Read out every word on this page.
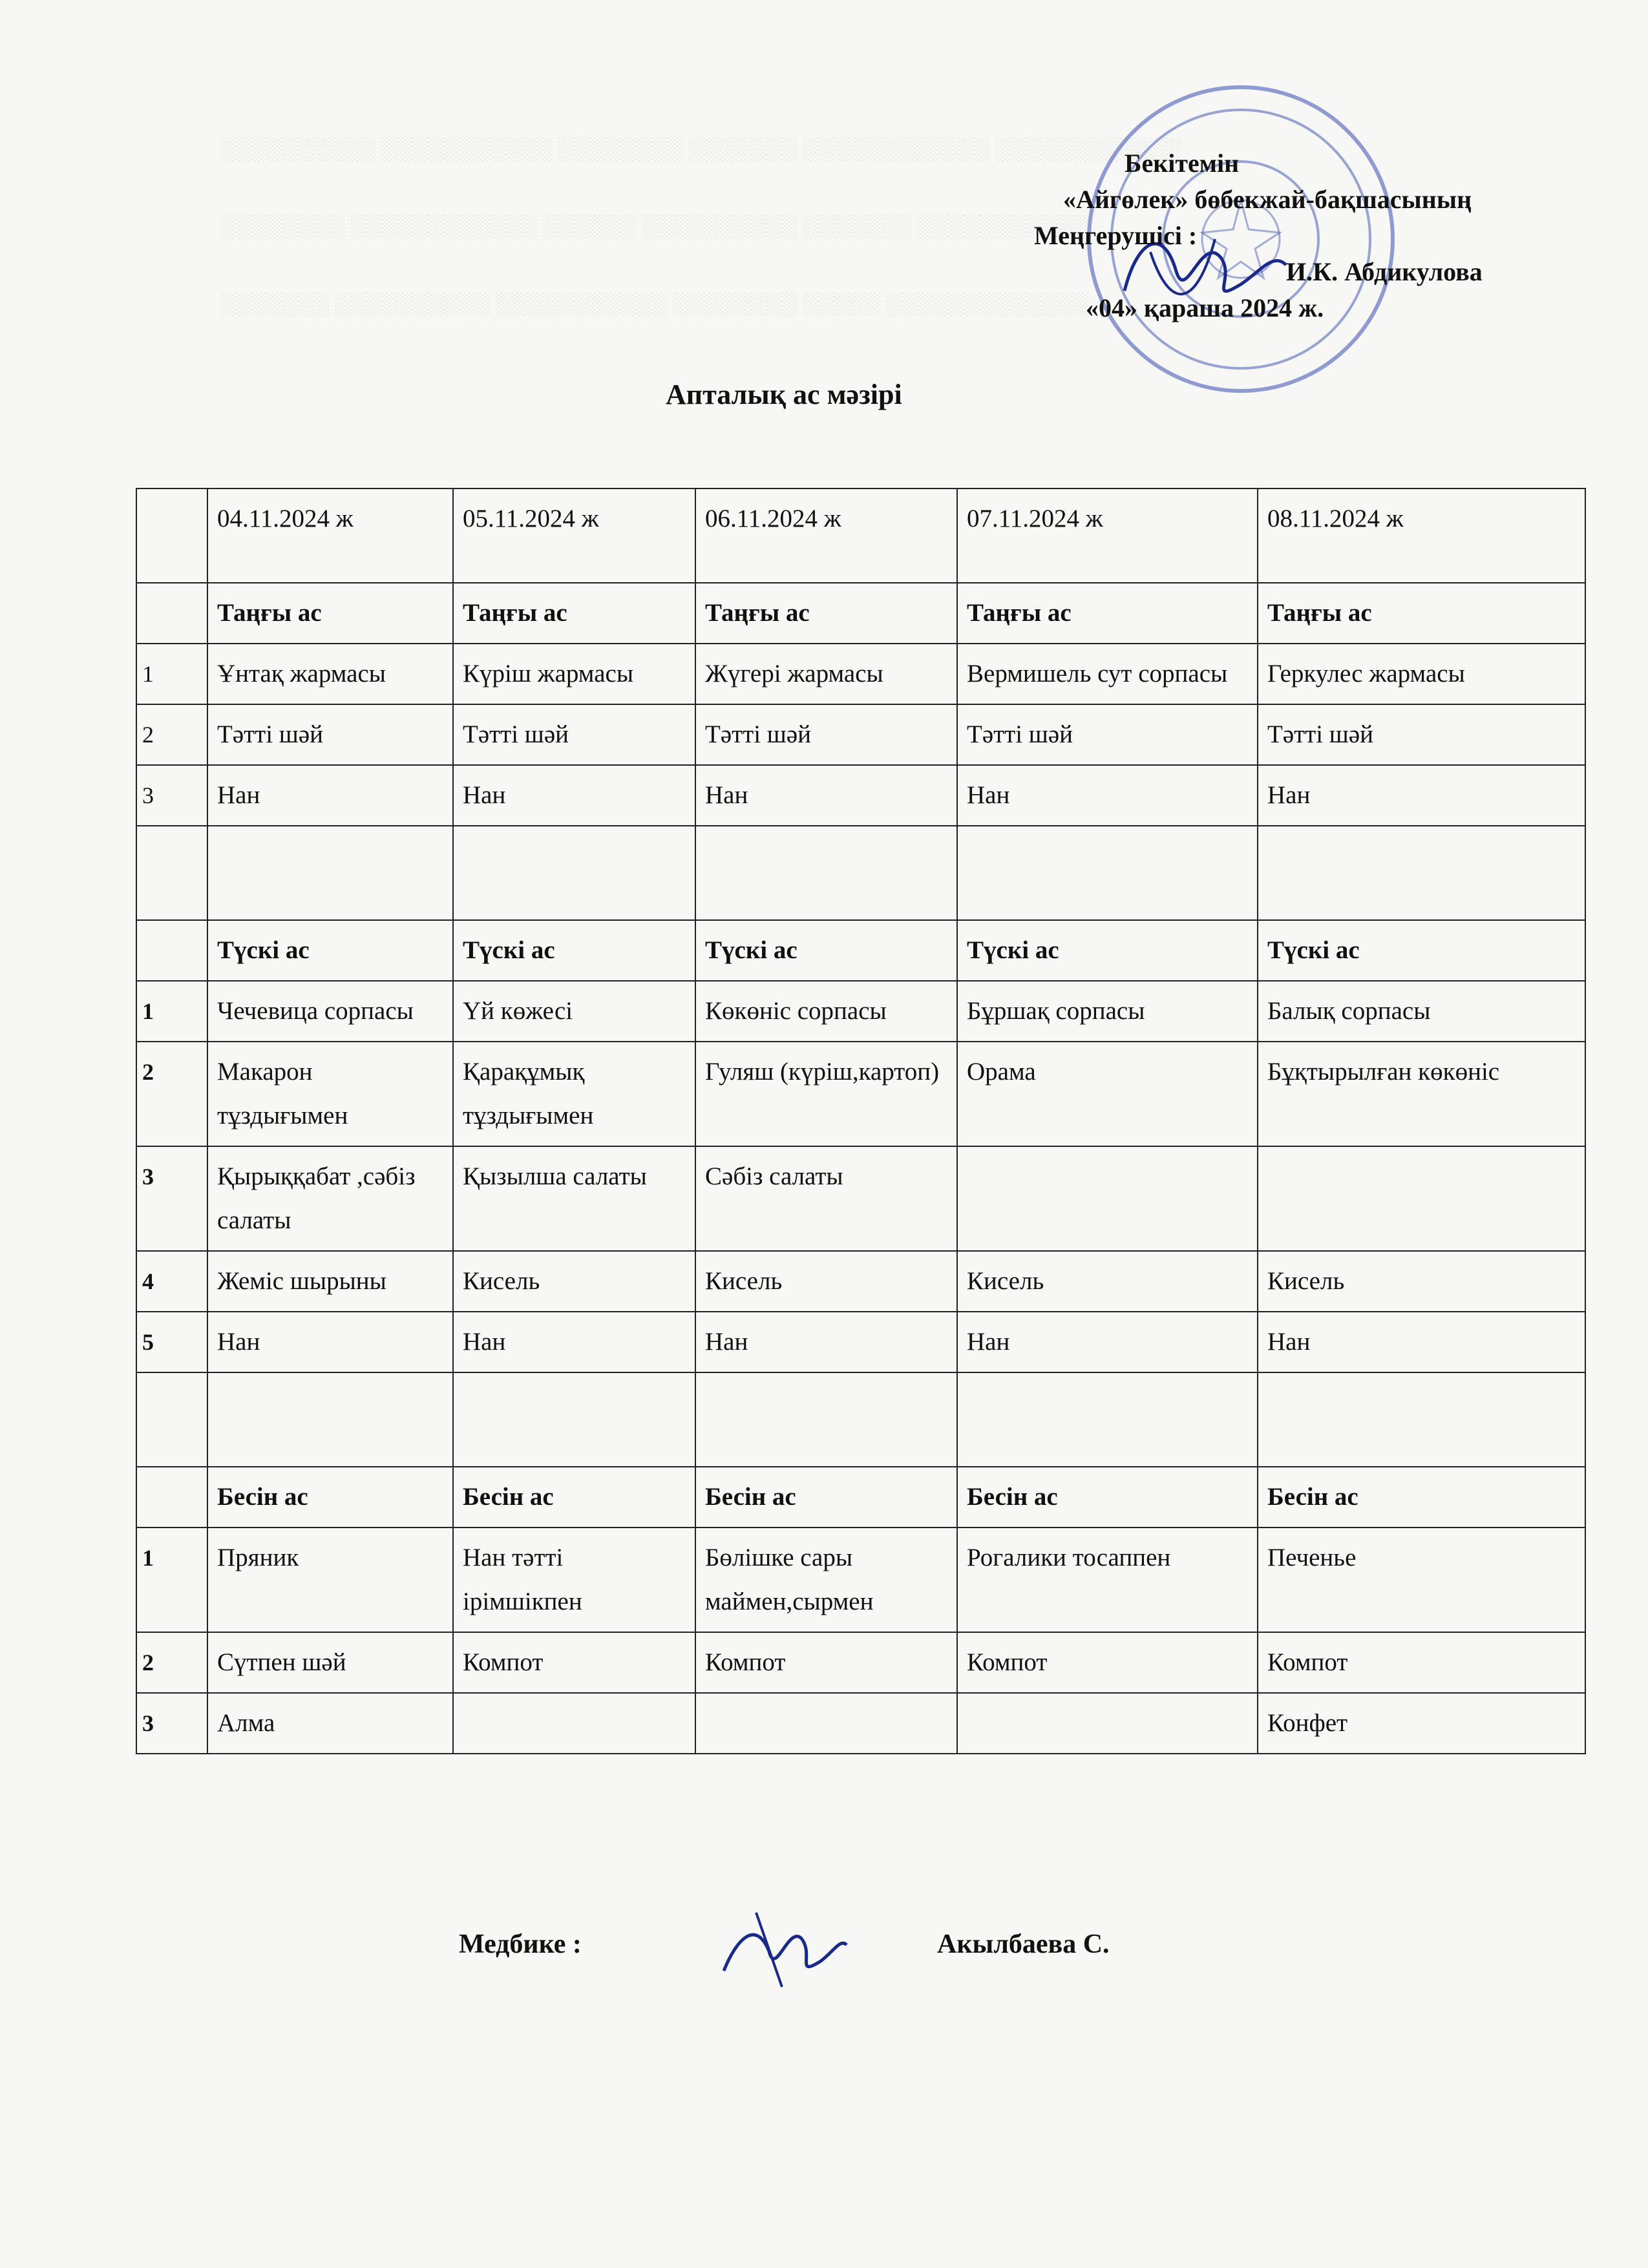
░░░░░░░░░░ ░░░░░░░░░░░ ░░░░░░░░ ░░░░░░░ ░░░░░░░░░░░░ ░░░░░░░░░░░░

░░░░░░░░ ░░░░░░░░░░░░ ░░░░░░ ░░░░░░░░░░ ░░░░░░░ ░░░░░░░░░░░

░░░░░░░ ░░░░░░░░░░ ░░░░░░░░░░░ ░░░░░░░░ ░░░░░ ░░░░░░░░░░░░░

Бекітемін
«Айгөлек» бөбекжай-бақшасының
Меңгерушісі :
И.К. Абдикулова
«04» қараша 2024 ж.
Апталық ас мәзірі
	04.11.2024 ж	05.11.2024 ж	06.11.2024 ж	07.11.2024 ж	08.11.2024 ж
	Таңғы ас	Таңғы ас	Таңғы ас	Таңғы ас	Таңғы ас
1	Ұнтақ жармасы	Күріш жармасы	Жүгері жармасы	Вермишель сут сорпасы	Геркулес жармасы
2	Тәтті шәй	Тәтті шәй	Тәтті шәй	Тәтті шәй	Тәтті шәй
3	Нан	Нан	Нан	Нан	Нан

	Түскі ас	Түскі ас	Түскі ас	Түскі ас	Түскі ас
1	Чечевица сорпасы	Үй көжесі	Көкөніс сорпасы	Бұршақ сорпасы	Балық сорпасы
2	Макарон тұздығымен	Қарақұмық тұздығымен	Гуляш (күріш,картоп)	Орама	Бұқтырылған көкөніс
3	Қырыққабат ,сәбіз салаты	Қызылша салаты	Сәбіз салаты		
4	Жеміс шырыны	Кисель	Кисель	Кисель	Кисель
5	Нан	Нан	Нан	Нан	Нан

	Бесін ас	Бесін ас	Бесін ас	Бесін ас	Бесін ас
1	Пряник	Нан тәтті ірімшікпен	Бөлішке сары маймен,сырмен	Рогалики тосаппен	Печенье
2	Сүтпен шәй	Компот	Компот	Компот	Компот
3	Алма				Конфет
Медбике :	Акылбаева С.
